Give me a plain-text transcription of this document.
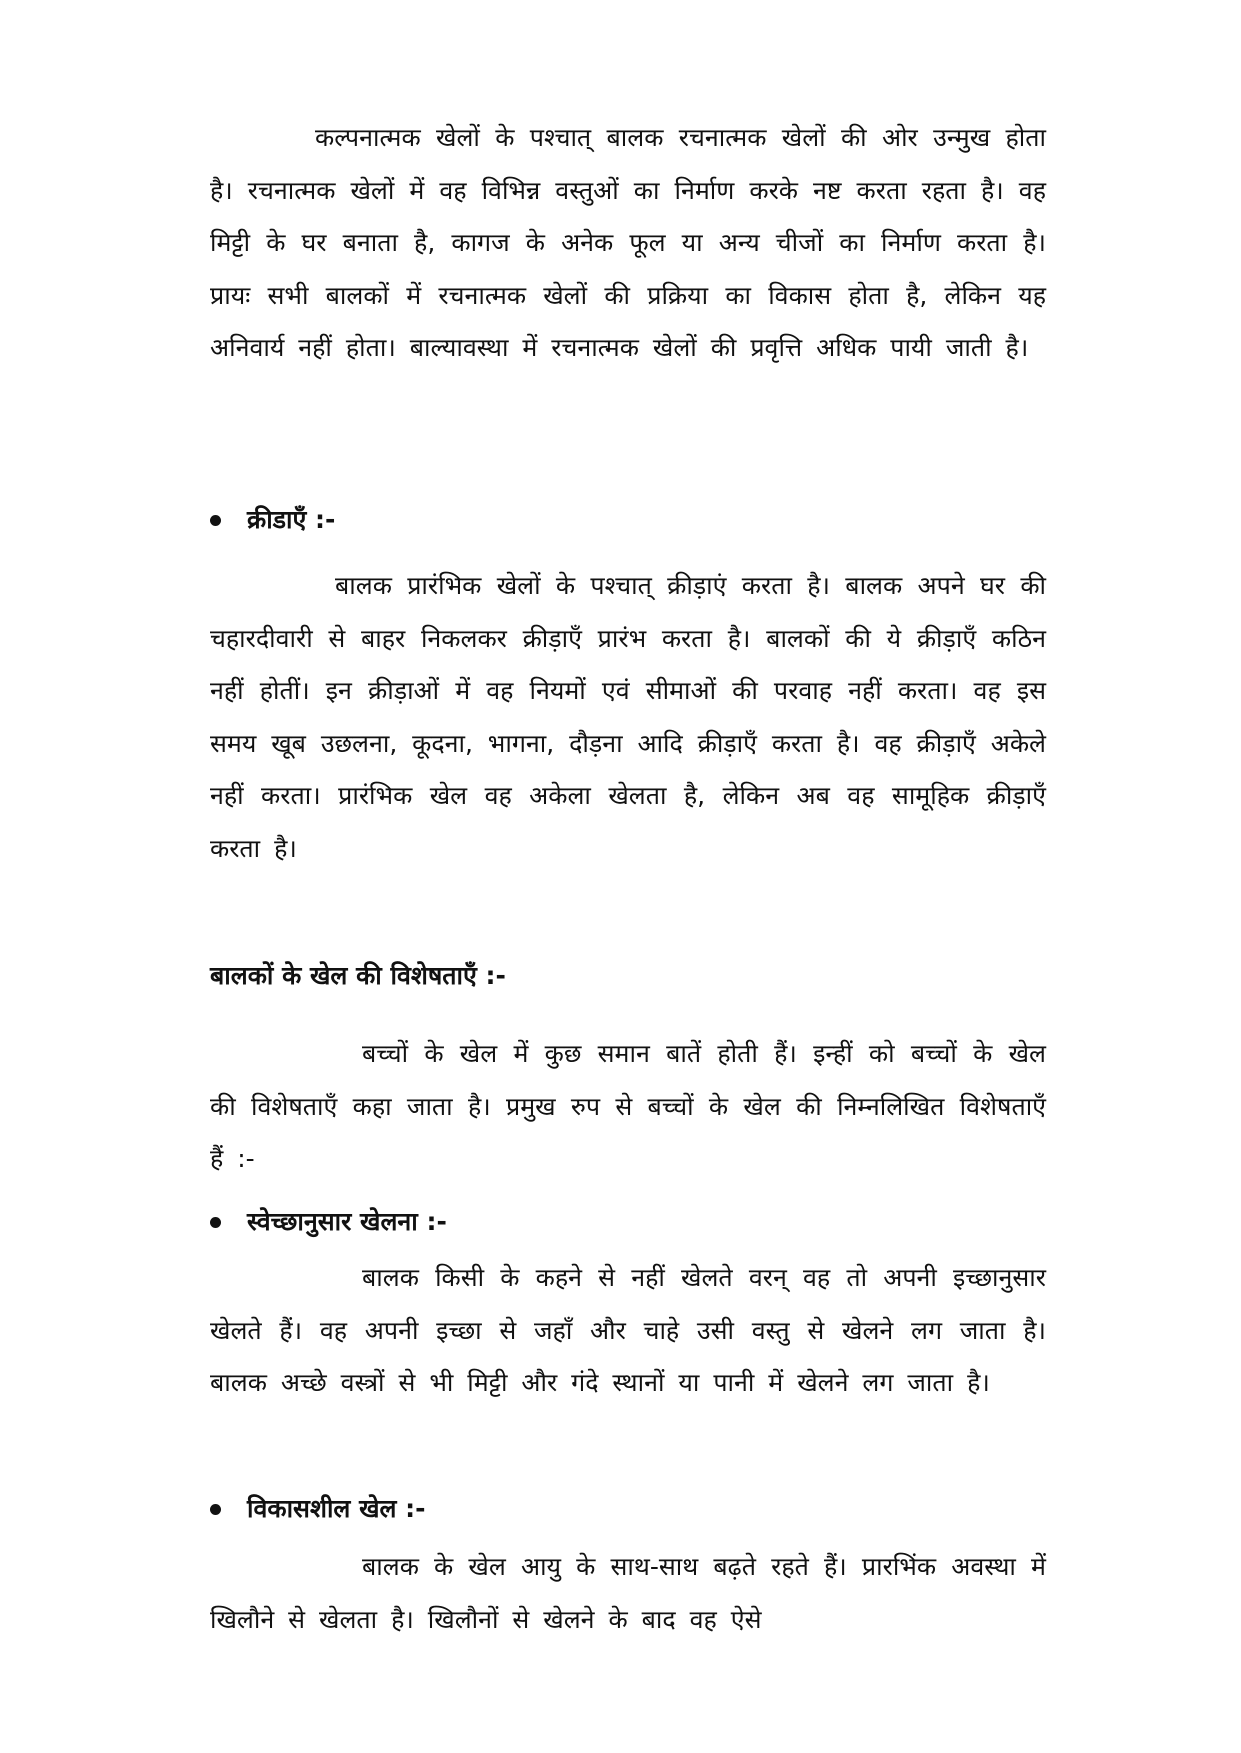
कल्पनात्मक खेलों के पश्चात् बालक रचनात्मक खेलों की ओर उन्मुख होता है। रचनात्मक खेलों में वह विभिन्न वस्तुओं का निर्माण करके नष्ट करता रहता है। वह मिट्टी के घर बनाता है, कागज के अनेक फूल या अन्य चीजों का निर्माण करता है। प्रायः सभी बालकों में रचनात्मक खेलों की प्रक्रिया का विकास होता है, लेकिन यह अनिवार्य नहीं होता। बाल्यावस्था में रचनात्मक खेलों की प्रवृत्ति अधिक पायी जाती है।

क्रीडाएँ :-

बालक प्रारंभिक खेलों के पश्चात् क्रीड़ाएं करता है। बालक अपने घर की चहारदीवारी से बाहर निकलकर क्रीड़ाएँ प्रारंभ करता है। बालकों की ये क्रीड़ाएँ कठिन नहीं होतीं। इन क्रीड़ाओं में वह नियमों एवं सीमाओं की परवाह नहीं करता। वह इस समय खूब उछलना, कूदना, भागना, दौड़ना आदि क्रीड़ाएँ करता है। वह क्रीड़ाएँ अकेले नहीं करता। प्रारंभिक खेल वह अकेला खेलता है, लेकिन अब वह सामूहिक क्रीड़ाएँ करता है।

बालकों के खेल की विशेषताएँ :-

बच्चों के खेल में कुछ समान बातें होती हैं। इन्हीं को बच्चों के खेल की विशेषताएँ कहा जाता है। प्रमुख रुप से बच्चों के खेल की निम्नलिखित विशेषताएँ हैं :-

स्वेच्छानुसार खेलना :-

बालक किसी के कहने से नहीं खेलते वरन् वह तो अपनी इच्छानुसार खेलते हैं। वह अपनी इच्छा से जहाँ और चाहे उसी वस्तु से खेलने लग जाता है। बालक अच्छे वस्त्रों से भी मिट्टी और गंदे स्थानों या पानी में खेलने लग जाता है।

विकासशील खेल :-

बालक के खेल आयु के साथ-साथ बढ़ते रहते हैं। प्रारभिंक अवस्था में खिलौने से खेलता है। खिलौनों से खेलने के बाद वह ऐसे
